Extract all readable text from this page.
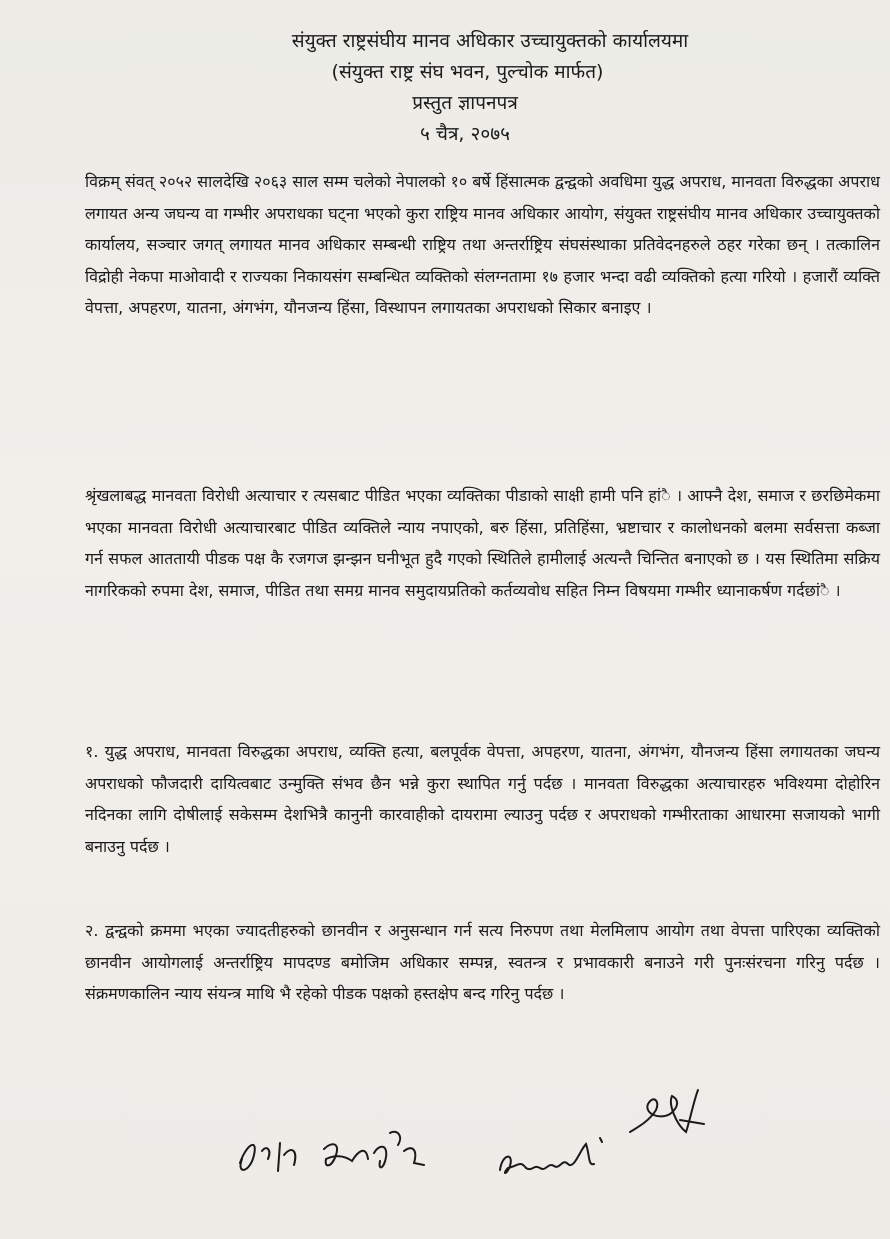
संयुक्त राष्ट्रसंघीय मानव अधिकार उच्चायुक्तको कार्यालयमा
(संयुक्त राष्ट्र संघ भवन, पुल्चोक मार्फत)
प्रस्तुत ज्ञापनपत्र
५ चैत्र, २०७५
विक्रम् संवत् २०५२ सालदेखि २०६३ साल सम्म चलेको नेपालको १० बर्षे हिंसात्मक द्वन्द्वको अवधिमा युद्ध अपराध, मानवता विरुद्धका अपराध लगायत अन्य जघन्य वा गम्भीर अपराधका घट्ना भएको कुरा राष्ट्रिय मानव अधिकार आयोग, संयुक्त राष्ट्रसंघीय मानव अधिकार उच्चायुक्तको कार्यालय, सञ्चार जगत् लगायत मानव अधिकार सम्बन्धी राष्ट्रिय तथा अन्तर्राष्ट्रिय संघसंस्थाका प्रतिवेदनहरुले ठहर गरेका छन् । तत्कालिन विद्रोही नेकपा माओवादी र राज्यका निकायसंग सम्बन्धित व्यक्तिको संलग्नतामा १७ हजार भन्दा वढी व्यक्तिको हत्या गरियो । हजारौं व्यक्ति वेपत्ता, अपहरण, यातना, अंगभंग, यौनजन्य हिंसा, विस्थापन लगायतका अपराधको सिकार बनाइए ।
श्रृंखलाबद्ध मानवता विरोधी अत्याचार र त्यसबाट पीडित भएका व्यक्तिका पीडाको साक्षी हामी पनि हांै । आफ्नै देश, समाज र छरछिमेकमा भएका मानवता विरोधी अत्याचारबाट पीडित व्यक्तिले न्याय नपाएको, बरु हिंसा, प्रतिहिंसा, भ्रष्टाचार र कालोधनको बलमा सर्वसत्ता कब्जा गर्न सफल आततायी पीडक पक्ष कै रजगज झन्झन घनीभूत हुदै गएको स्थितिले हामीलाई अत्यन्तै चिन्तित बनाएको छ । यस स्थितिमा सक्रिय नागरिकको रुपमा देश, समाज, पीडित तथा समग्र मानव समुदायप्रतिको कर्तव्यवोध सहित निम्न विषयमा गम्भीर ध्यानाकर्षण गर्दछांै ।
१. युद्ध अपराध, मानवता विरुद्धका अपराध, व्यक्ति हत्या, बलपूर्वक वेपत्ता, अपहरण, यातना, अंगभंग, यौनजन्य हिंसा लगायतका जघन्य अपराधको फौजदारी दायित्वबाट उन्मुक्ति संभव छैन भन्ने कुरा स्थापित गर्नु पर्दछ । मानवता विरुद्धका अत्याचारहरु भविश्यमा दोहोरिन नदिनका लागि दोषीलाई सकेसम्म देशभित्रै कानुनी कारवाहीको दायरामा ल्याउनु पर्दछ र अपराधको गम्भीरताका आधारमा सजायको भागी बनाउनु पर्दछ ।
२. द्वन्द्वको क्रममा भएका ज्यादतीहरुको छानवीन र अनुसन्धान गर्न सत्य निरुपण तथा मेलमिलाप आयोग तथा वेपत्ता पारिएका व्यक्तिको छानवीन आयोगलाई अन्तर्राष्ट्रिय मापदण्ड बमोजिम अधिकार सम्पन्न, स्वतन्त्र र प्रभावकारी बनाउने गरी पुनःसंरचना गरिनु पर्दछ । संक्रमणकालिन न्याय संयन्त्र माथि भै रहेको पीडक पक्षको हस्तक्षेप बन्द गरिनु पर्दछ ।
